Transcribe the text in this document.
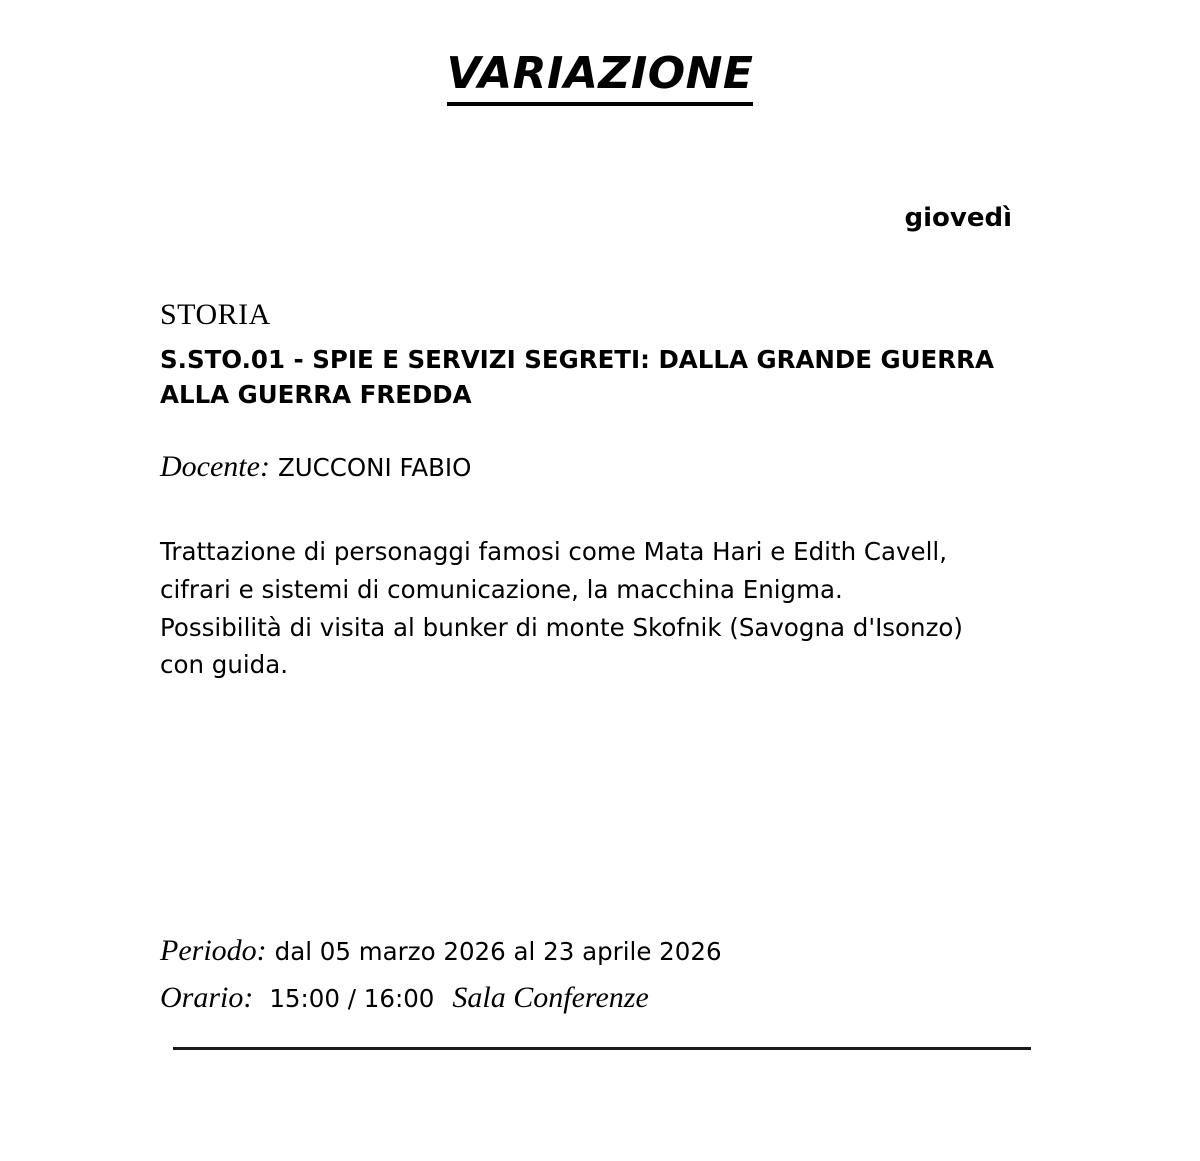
VARIAZIONE
giovedì
STORIA
S.STO.01 - SPIE E SERVIZI SEGRETI: DALLA GRANDE GUERRA ALLA GUERRA FREDDA
Docente: ZUCCONI FABIO

Trattazione di personaggi famosi come Mata Hari e Edith Cavell,

cifrari e sistemi di comunicazione, la macchina Enigma.

Possibilità di visita al bunker di monte Skofnik (Savogna d'Isonzo)

con guida.

Periodo: dal 05 marzo 2026 al 23 aprile 2026
Orario: 15:00 / 16:00 Sala Conferenze
